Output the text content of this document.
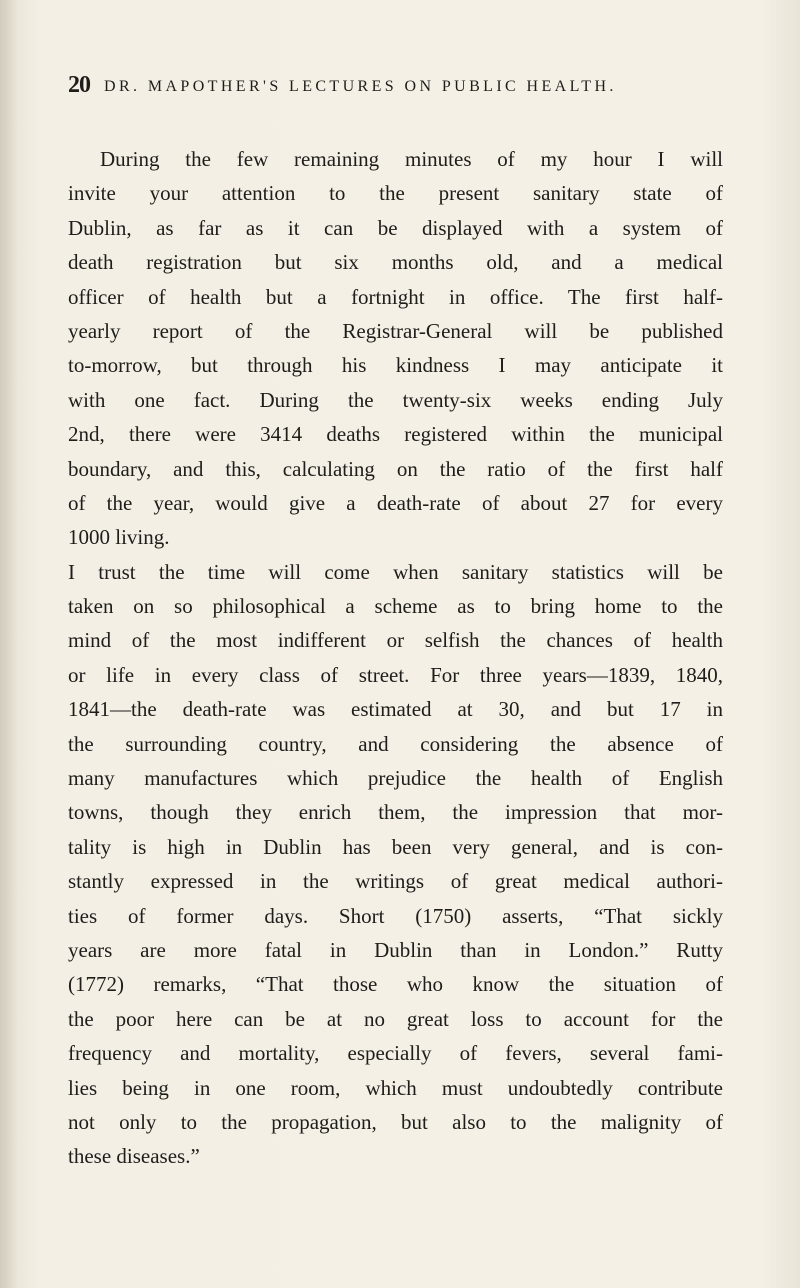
20 DR. MAPOTHER'S LECTURES ON PUBLIC HEALTH.
During the few remaining minutes of my hour I will
invite your attention to the present sanitary state of
Dublin, as far as it can be displayed with a system of
death registration but six months old, and a medical
officer of health but a fortnight in office. The first half-
yearly report of the Registrar-General will be published
to-morrow, but through his kindness I may anticipate it
with one fact. During the twenty-six weeks ending July
2nd, there were 3414 deaths registered within the municipal
boundary, and this, calculating on the ratio of the first half
of the year, would give a death-rate of about 27 for every
1000 living.
I trust the time will come when sanitary statistics will be
taken on so philosophical a scheme as to bring home to the
mind of the most indifferent or selfish the chances of health
or life in every class of street. For three years—1839, 1840,
1841—the death-rate was estimated at 30, and but 17 in
the surrounding country, and considering the absence of
many manufactures which prejudice the health of English
towns, though they enrich them, the impression that mor-
tality is high in Dublin has been very general, and is con-
stantly expressed in the writings of great medical authori-
ties of former days. Short (1750) asserts, “That sickly
years are more fatal in Dublin than in London.” Rutty
(1772) remarks, “That those who know the situation of
the poor here can be at no great loss to account for the
frequency and mortality, especially of fevers, several fami-
lies being in one room, which must undoubtedly contribute
not only to the propagation, but also to the malignity of
these diseases.”
